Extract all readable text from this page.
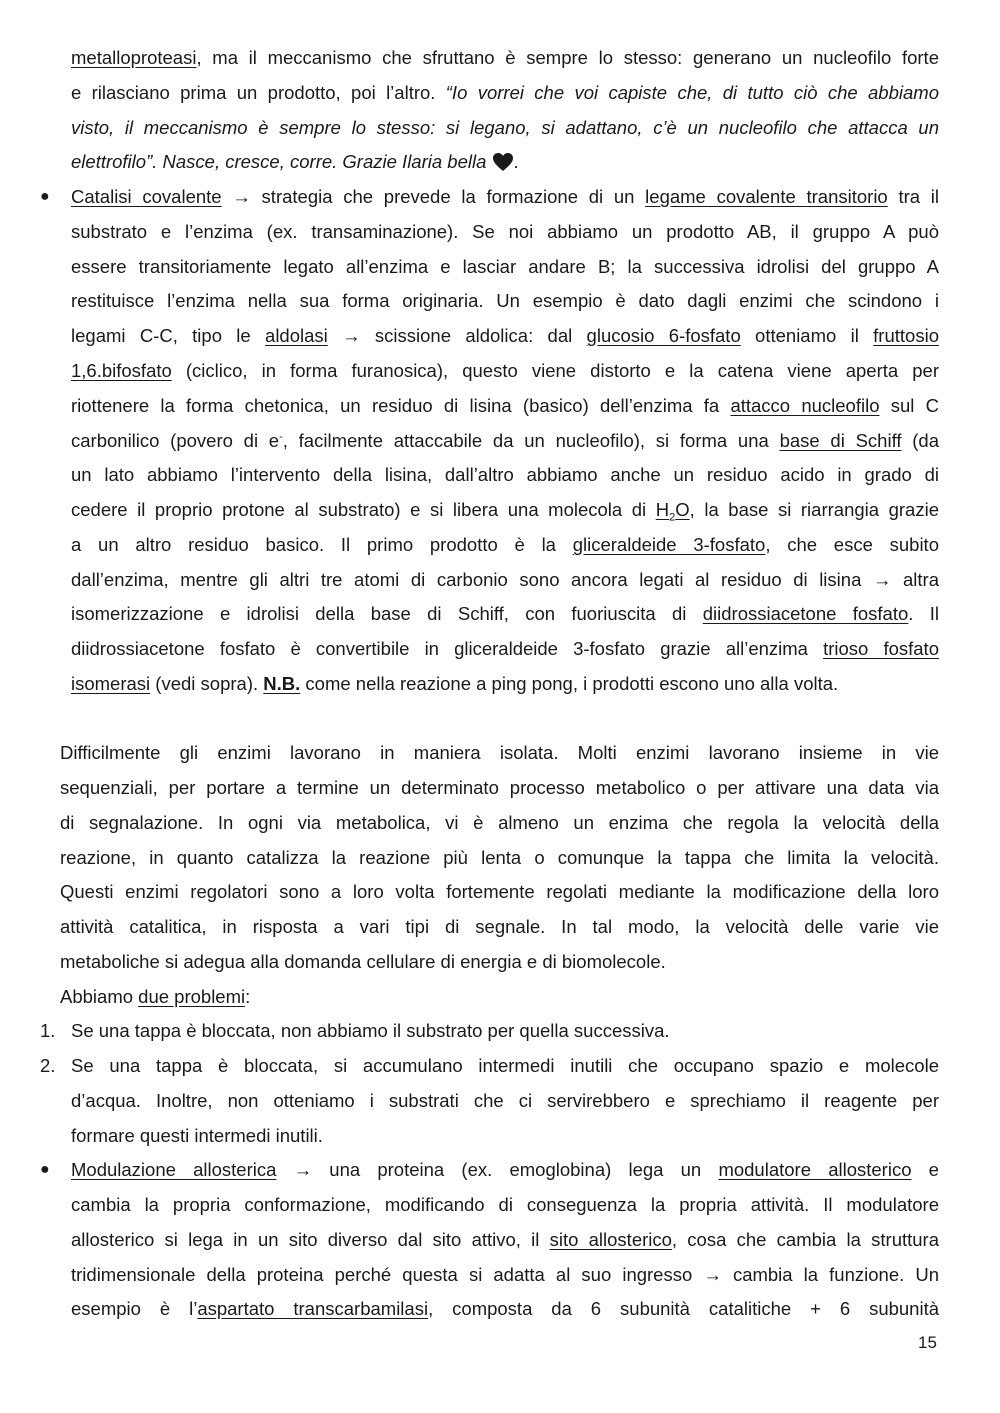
metalloproteasi, ma il meccanismo che sfruttano è sempre lo stesso: generano un nucleofilo forte
e rilasciano prima un prodotto, poi l’altro. “Io vorrei che voi capiste che, di tutto ciò che abbiamo
visto, il meccanismo è sempre lo stesso: si legano, si adattano, c’è un nucleofilo che attacca un
elettrofilo”. Nasce, cresce, corre. Grazie Ilaria bella .
● Catalisi covalente → strategia che prevede la formazione di un legame covalente transitorio tra il
substrato e l’enzima (ex. transaminazione). Se noi abbiamo un prodotto AB, il gruppo A può
essere transitoriamente legato all’enzima e lasciar andare B; la successiva idrolisi del gruppo A
restituisce l’enzima nella sua forma originaria. Un esempio è dato dagli enzimi che scindono i
legami C-C, tipo le aldolasi → scissione aldolica: dal glucosio 6-fosfato otteniamo il fruttosio
1,6.bifosfato (ciclico, in forma furanosica), questo viene distorto e la catena viene aperta per
riottenere la forma chetonica, un residuo di lisina (basico) dell’enzima fa attacco nucleofilo sul C
carbonilico (povero di e-, facilmente attaccabile da un nucleofilo), si forma una base di Schiff (da
un lato abbiamo l’intervento della lisina, dall’altro abbiamo anche un residuo acido in grado di
cedere il proprio protone al substrato) e si libera una molecola di $H_2O$, la base si riarrangia grazie
a un altro residuo basico. Il primo prodotto è la gliceraldeide 3-fosfato, che esce subito
dall’enzima, mentre gli altri tre atomi di carbonio sono ancora legati al residuo di lisina → altra
isomerizzazione e idrolisi della base di Schiff, con fuoriuscita di diidrossiacetone fosfato. Il
diidrossiacetone fosfato è convertibile in gliceraldeide 3-fosfato grazie all’enzima trioso fosfato
isomerasi (vedi sopra). N.B. come nella reazione a ping pong, i prodotti escono uno alla volta.
Difficilmente gli enzimi lavorano in maniera isolata. Molti enzimi lavorano insieme in vie
sequenziali, per portare a termine un determinato processo metabolico o per attivare una data via
di segnalazione. In ogni via metabolica, vi è almeno un enzima che regola la velocità della
reazione, in quanto catalizza la reazione più lenta o comunque la tappa che limita la velocità.
Questi enzimi regolatori sono a loro volta fortemente regolati mediante la modificazione della loro
attività catalitica, in risposta a vari tipi di segnale. In tal modo, la velocità delle varie vie
metaboliche si adegua alla domanda cellulare di energia e di biomolecole.
Abbiamo due problemi:
1. Se una tappa è bloccata, non abbiamo il substrato per quella successiva.
2. Se una tappa è bloccata, si accumulano intermedi inutili che occupano spazio e molecole
d’acqua. Inoltre, non otteniamo i substrati che ci servirebbero e sprechiamo il reagente per
formare questi intermedi inutili.
● Modulazione allosterica → una proteina (ex. emoglobina) lega un modulatore allosterico e
cambia la propria conformazione, modificando di conseguenza la propria attività. Il modulatore
allosterico si lega in un sito diverso dal sito attivo, il sito allosterico, cosa che cambia la struttura
tridimensionale della proteina perché questa si adatta al suo ingresso → cambia la funzione. Un
esempio è l’aspartato transcarbamilasi, composta da 6 subunità catalitiche + 6 subunità
15
